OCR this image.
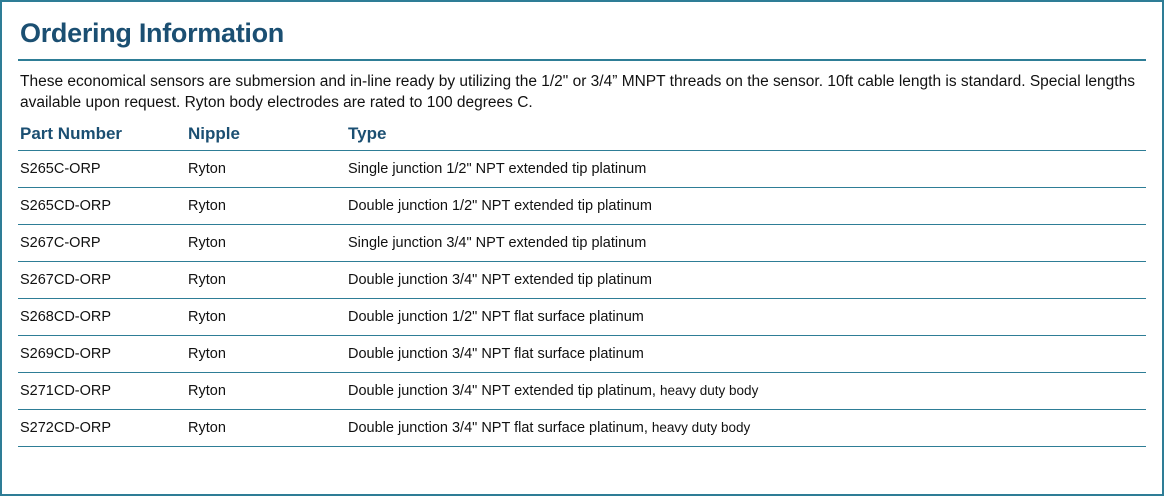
Ordering Information
These economical sensors are submersion and in-line ready by utilizing the 1/2" or 3/4” MNPT threads on the sensor. 10ft cable length is standard. Special lengths available upon request. Ryton body electrodes are rated to 100 degrees C.
Part Number	Nipple	Type
S265C-ORP	Ryton	Single junction 1/2" NPT extended tip platinum
S265CD-ORP	Ryton	Double junction 1/2" NPT extended tip platinum
S267C-ORP	Ryton	Single junction 3/4" NPT extended tip platinum
S267CD-ORP	Ryton	Double junction 3/4" NPT extended tip platinum
S268CD-ORP	Ryton	Double junction 1/2" NPT flat surface platinum
S269CD-ORP	Ryton	Double junction 3/4" NPT flat surface platinum
S271CD-ORP	Ryton	Double junction 3/4" NPT extended tip platinum, heavy duty body
S272CD-ORP	Ryton	Double junction 3/4" NPT flat surface platinum, heavy duty body
